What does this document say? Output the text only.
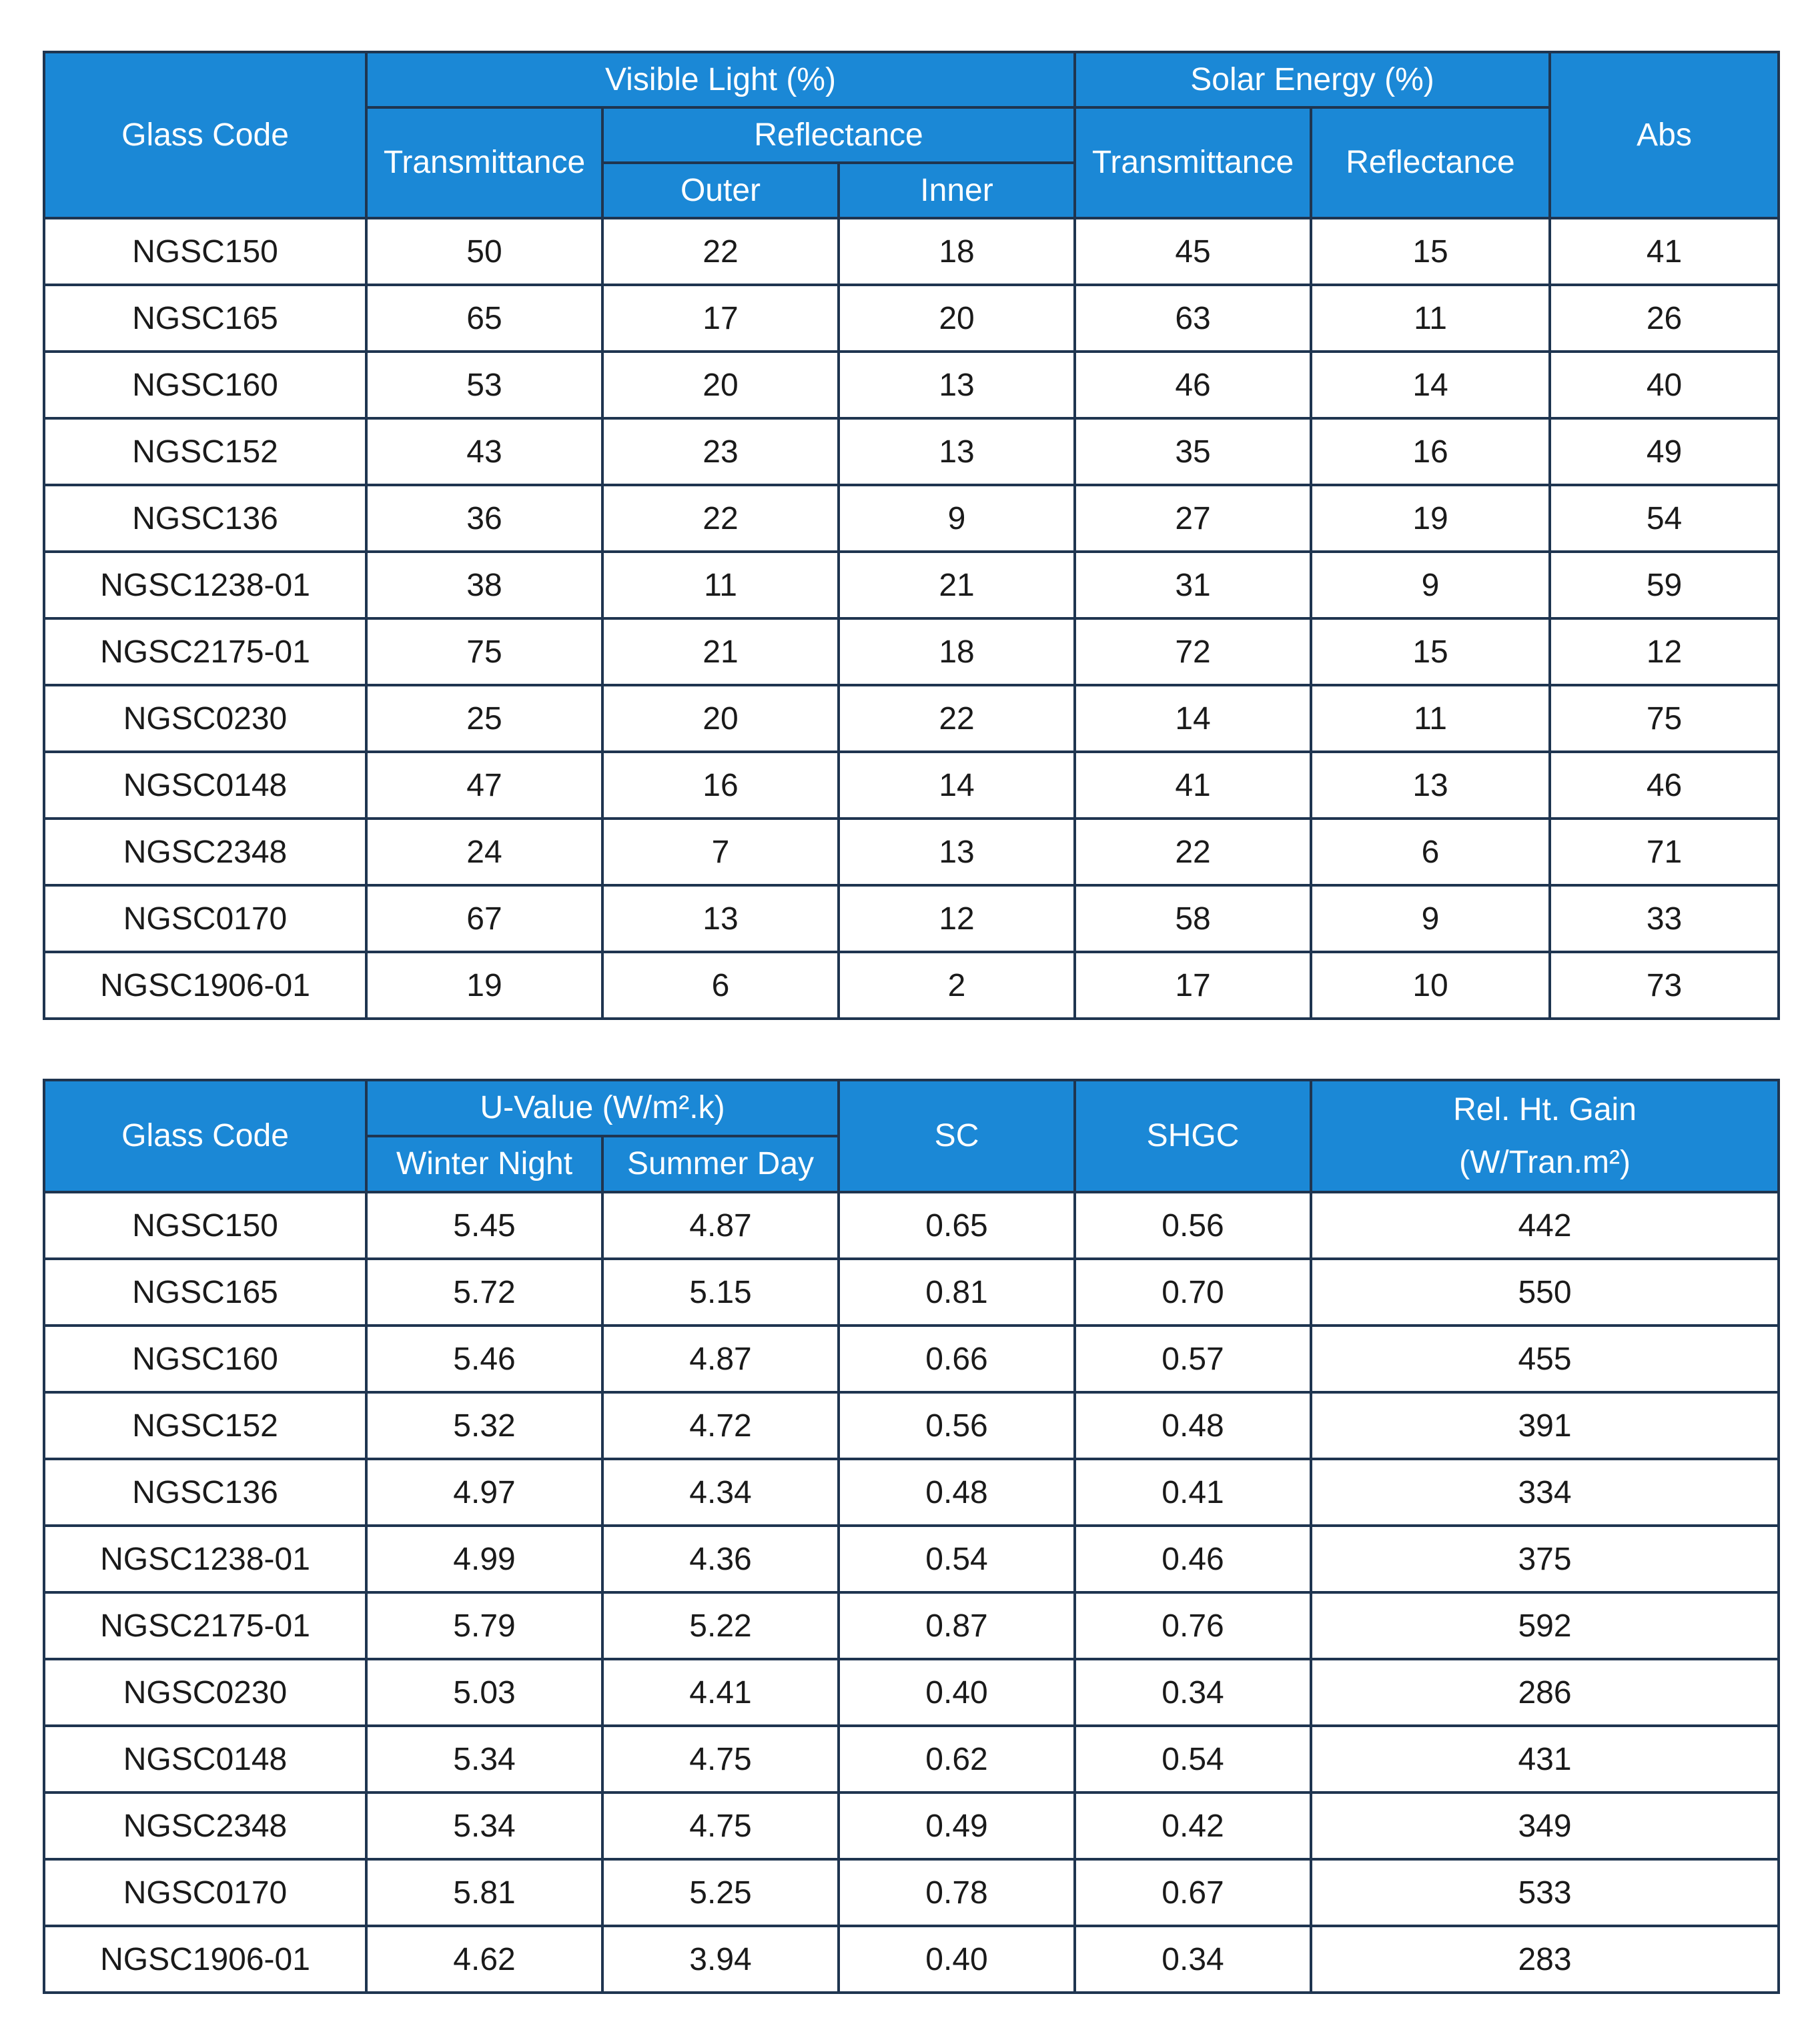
Glass Code	Visible Light (%)			Solar Energy (%)		Abs
	Transmittance	Reflectance		Transmittance	Reflectance	
		Outer	Inner			
NGSC150	50	22	18	45	15	41
NGSC165	65	17	20	63	11	26
NGSC160	53	20	13	46	14	40
NGSC152	43	23	13	35	16	49
NGSC136	36	22	9	27	19	54
NGSC1238-01	38	11	21	31	9	59
NGSC2175-01	75	21	18	72	15	12
NGSC0230	25	20	22	14	11	75
NGSC0148	47	16	14	41	13	46
NGSC2348	24	7	13	22	6	71
NGSC0170	67	13	12	58	9	33
NGSC1906-01	19	6	2	17	10	73
Glass Code	U-Value (W/m².k)		SC	SHGC	Rel. Ht. Gain
(W/Tran.m²)
	Winter Night	Summer Day			
NGSC150	5.45	4.87	0.65	0.56	442
NGSC165	5.72	5.15	0.81	0.70	550
NGSC160	5.46	4.87	0.66	0.57	455
NGSC152	5.32	4.72	0.56	0.48	391
NGSC136	4.97	4.34	0.48	0.41	334
NGSC1238-01	4.99	4.36	0.54	0.46	375
NGSC2175-01	5.79	5.22	0.87	0.76	592
NGSC0230	5.03	4.41	0.40	0.34	286
NGSC0148	5.34	4.75	0.62	0.54	431
NGSC2348	5.34	4.75	0.49	0.42	349
NGSC0170	5.81	5.25	0.78	0.67	533
NGSC1906-01	4.62	3.94	0.40	0.34	283
